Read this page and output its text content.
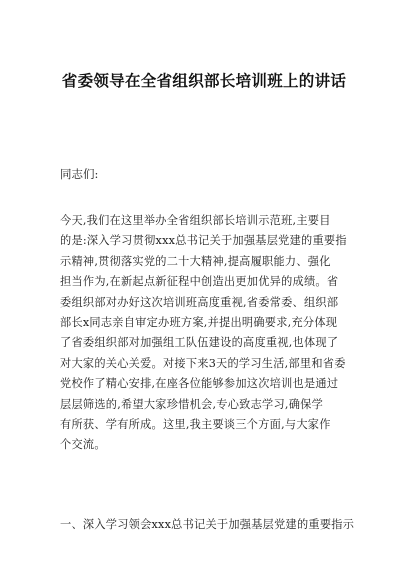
省委领导在全省组织部长培训班上的讲话

同志们:

今天,我们在这里举办全省组织部长培训示范班,主要目
的是:深入学习贯彻xxx总书记关于加强基层党建的重要指
示精神,贯彻落实党的二十大精神,提高履职能力、强化
担当作为,在新起点新征程中创造出更加优异的成绩。省
委组织部对办好这次培训班高度重视,省委常委、组织部
部长x同志亲自审定办班方案,并提出明确要求,充分体现
了省委组织部对加强组工队伍建设的高度重视,也体现了
对大家的关心关爱。对接下来3天的学习生活,部里和省委
党校作了精心安排,在座各位能够参加这次培训也是通过
层层筛选的,希望大家珍惜机会,专心致志学习,确保学
有所获、学有所成。这里,我主要谈三个方面,与大家作
个交流。

一、深入学习领会xxx总书记关于加强基层党建的重要指示
